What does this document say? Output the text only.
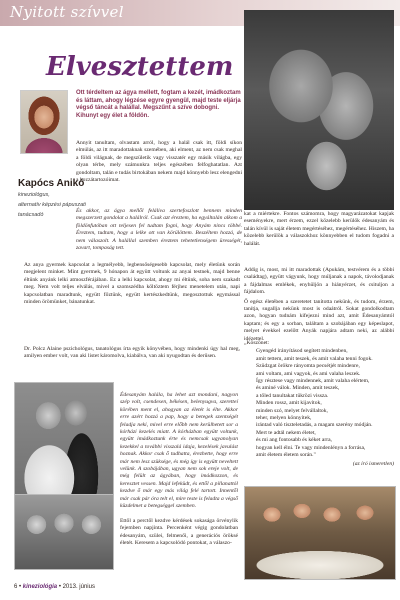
Nyitott szívvel
Elvesztettem
Ott térdeltem az ágya mellett, fogtam a kezét, imádkoztam és láttam, ahogy légzése egyre gyengül, majd teste eljárja végső táncát a halállal. Megszűnt a szíve dobogni. Kihunyt egy élet a földön.

Annyit tanultam, olvastam arról, hogy a halál csak itt, földi síkon elmúlás, az itt maradottaknak szemében, aki elment, az nem csak meghal a földi világnak, de megszületik vagy visszatér egy másik világba, egy olyan térbe, mely számunkra teljes egészében felfoghatatlan. Azt gondoltam, talán e tudás birtokában nekem majd könnyebb lesz elengedni a hozzátartozóimat.

Kapócs Anikó
kineziológus,
alternatív képzési pápuszati
tanácsadó

És akkor, az ágya mellől feláliva szertefoszlott bennem minden megszerzett gondolat a halálról. Csak azt éreztem, ha egyáltalán alkom a földönfutóban ott teljesen fel tudtam fogni, hogy Anyám nincs többé. Éreztem, tudtam, hogy a lelke ott van körülöttem. Beszéltem hozzá, de nem válaszolt. A halállal szemben éreztem tehetetlenségem ürességét, zavart, tompaság tett.

Az anya gyermek kapcsolat a legmélyebb, legbensőségesebb kapcsolat, mely életünk során megjelent minket. Mint gyermek, 9 hónapon át együtt voltunk az anyai testnek, majd benne éltünk anyánk lelki atmoszférájában. Ez a lelki kapcsolat, ahogy mi éltünk, soha nem szakadt meg. Nem volt teljes elválás, mivel a szomszédba költöztem férjhez menetelem után, napi kapcsolatban maradtunk, együtt főztünk, együtt kertészkedtünk, megosztottuk egymással minden örömünket, bánatunkat.

Dr. Polcz Alaine pszichológus, tanatológus írta egyik könyvében, hogy mindenki úgy hal meg, amilyen ember volt, van aki listet káromolva, kiabálva, van aki nyugodtan és derűsen.

kat a miértekre. Fontos számomra, hogy magyarázatokat kapjak eseményekre, mert érzem, ezzel közelebb kerülök édesanyám és talán kívül is saját életem megértéséhez, megértéséhez. Hiszem, ha közelebb kerülök a válaszokhoz könnyebben el tudom fogadni a halálát.

Addig is, most, mi itt maradottak (Apukám, testvérem és a többi családtag), együtt vágyunk, hogy múljanak a napok, távolodjanak a fájdalmas emlékek, enyhüljön a hiányérzet, és csituljon a fájdalom.

Ő egész életében a szeretetet tanította nekünk, és tudom, érzem, tanítja, sugallja nekünk most is odaátról. Sokat gondolkodtam azon, hogyan tudnám kifejezni mind azt, amit Édesanyámtól kaptam; és egy a sorban, találtam a szobájában egy képeslapot, melyet évekkel ezelőtt Anyák napjára adtam neki, az alábbi idézettel.

„Köszönet:
Gyengéd irányításod segített mindenben,
amit tettem, amit teszek, és amit valaha tenni fogok.
Szüdzgat örökre rányomta pecsétjét mindenre,
ami voltam, ami vagyok, és ami valaha leszek.
Így résztese vagy mindennek, amit valaha elértem,
és aminé válok. Minden, amit teszek,
a tőled tanultakat tükrözi vissza.
Minden rossz, amit kijavítok,
minden szó, melyet felvállaltok,
teher, melyen könnyítek,
irántad való tiszteletadás, a magam szerény módján.
Mert te adtál nekem életet,
és mi ang fontosabb és kéket arra,
hogyan kell élni. Te vagy mindenlényn a forrása,
amit életem életem során."
(az író ismeretlen)

Édesanyám halála, ha lehet azt mondani, nagyon szép volt, csendesen, békésen, belenyugva, szeretteí körében ment el, ahogyan az életét is élte. Akkor erre azért hozzá a pap, hogy a betegek szentségét feladja neki, mivel erre előbb nem kerülhetett sor a kórházi kezelés miatt. A kórházban együtt voltunk, együtt imádkoztunk érte és nemcsak ugyanolyan kezekkel a további visszalá idaja, kezelések javulást hoznak. Akkor csak ő tudhatta, érezhette, hogy erre már nem lesz szüksége, és még így is együtt neveltett velünk. A szobájában, ugyan nem sok ereje volt, de még felült az ágyában, hogy imádkozzon, és keresztet vessen. Majd lefeküdt, és ettől a pillanattól kezdve ő már egy más világ felé tartott. Innentől már csak pár óra telt el, mire teste is feladta a végső küzdelmet a betegséggel szemben.

Ettől a perctől kezdve kérdések sokasága örvénylik fejemben napjinta. Percenként végig gondolatban édesanyám, szülei, felmenői, a generációs öröksé életét. Keresem a kapcsolódó pontokat, a válaszo-

6 • kineziológia • 2013. június
